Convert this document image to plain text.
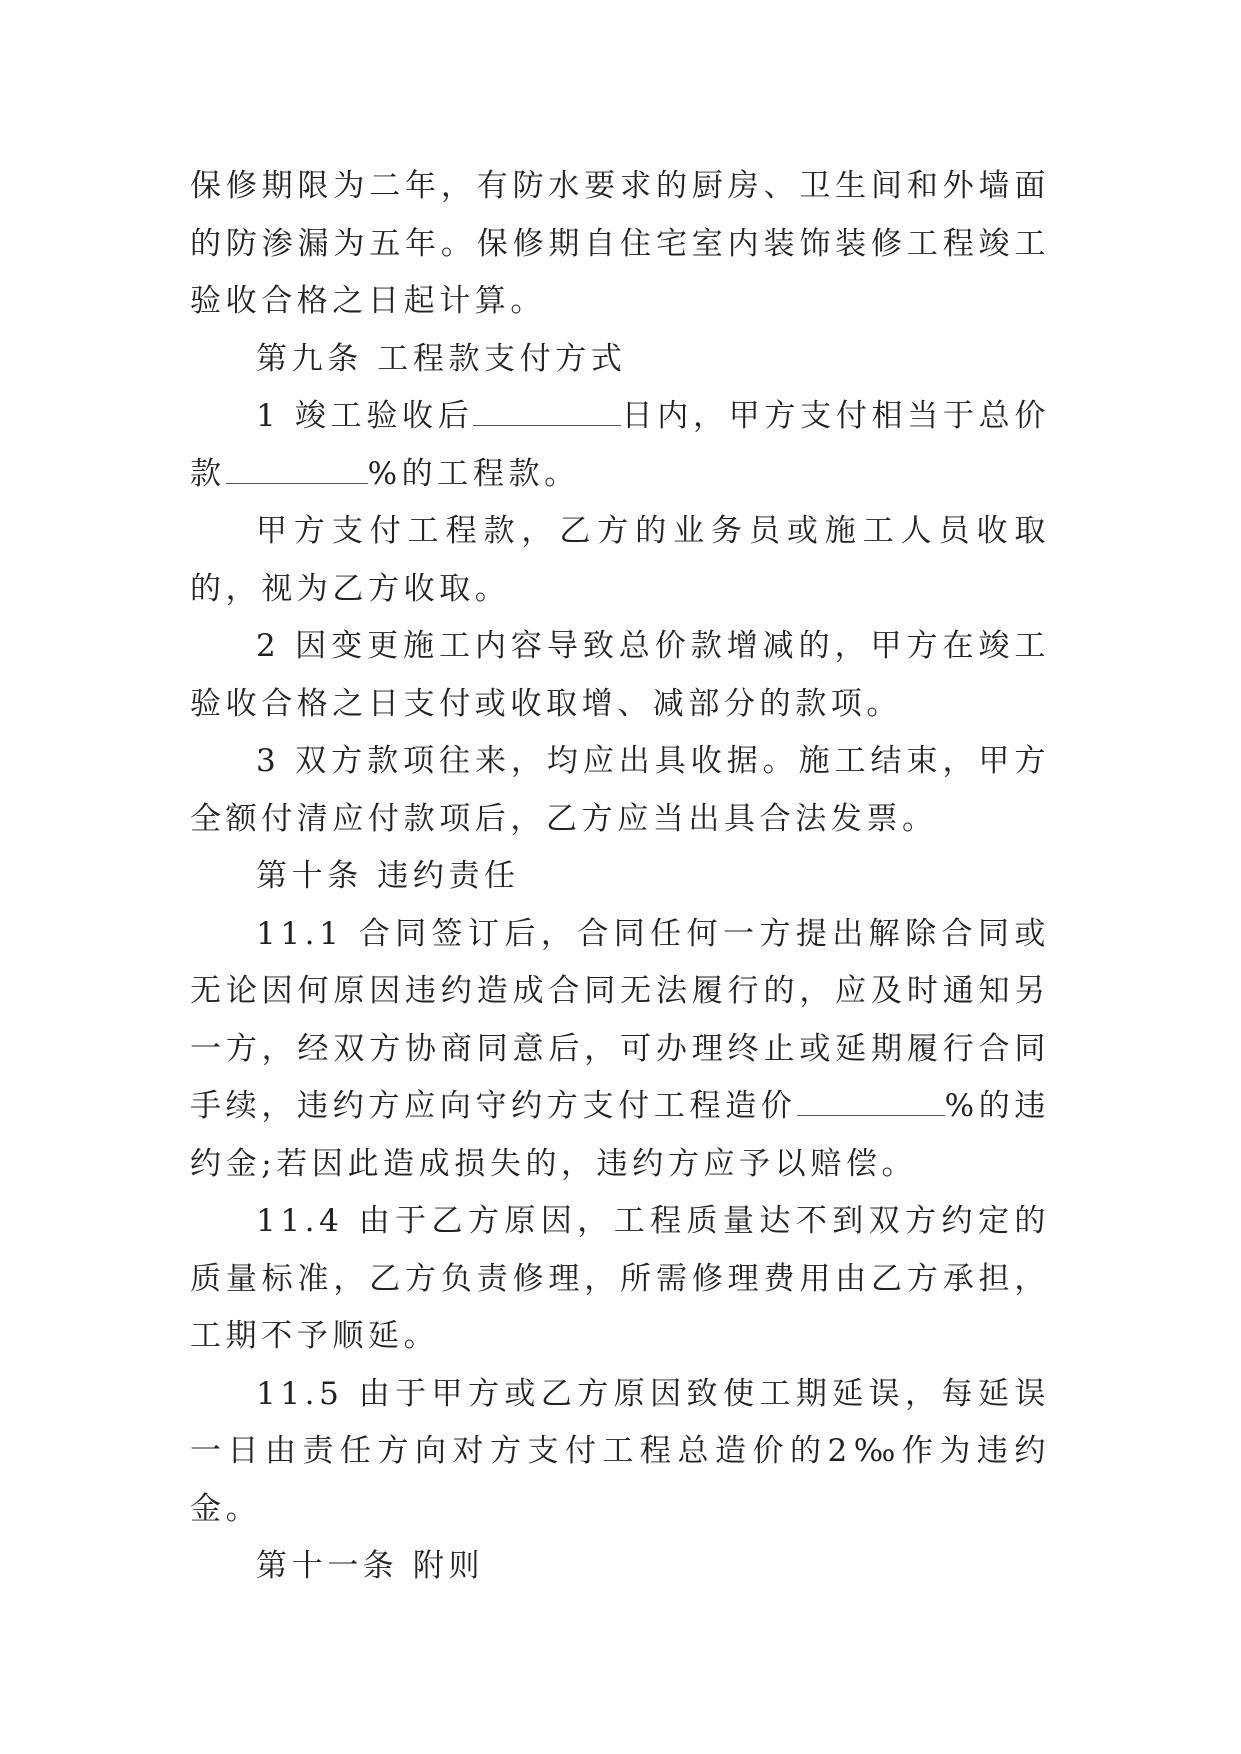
保修期限为二年，有防水要求的厨房、卫生间和外墙面的防渗漏为五年。保修期自住宅室内装饰装修工程竣工验收合格之日起计算。

第九条 工程款支付方式

1 竣工验收后	日内，甲方支付相当于总价款	%的工程款。

甲方支付工程款，乙方的业务员或施工人员收取的，视为乙方收取。

2 因变更施工内容导致总价款增减的，甲方在竣工验收合格之日支付或收取增、减部分的款项。

3 双方款项往来，均应出具收据。施工结束，甲方全额付清应付款项后，乙方应当出具合法发票。

第十条 违约责任

11.1 合同签订后，合同任何一方提出解除合同或无论因何原因违约造成合同无法履行的，应及时通知另一方，经双方协商同意后，可办理终止或延期履行合同手续，违约方应向守约方支付工程造价	%的违约金;若因此造成损失的，违约方应予以赔偿。

11.4 由于乙方原因，工程质量达不到双方约定的质量标准，乙方负责修理，所需修理费用由乙方承担，工期不予顺延。

11.5 由于甲方或乙方原因致使工期延误，每延误一日由责任方向对方支付工程总造价的2‰作为违约金。

第十一条 附则
